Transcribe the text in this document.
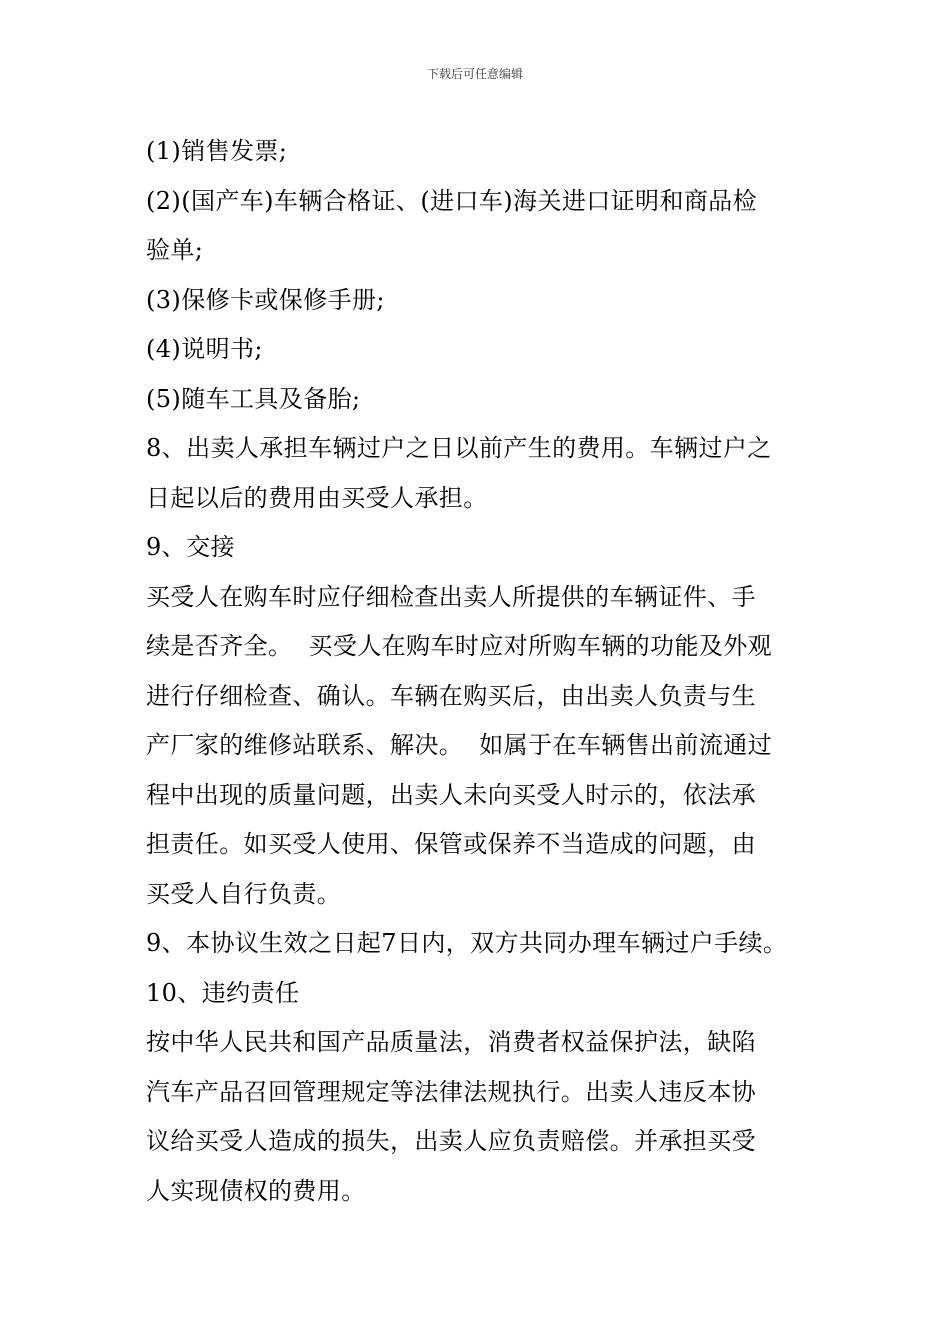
下载后可任意编辑
(1)销售发票;
(2)(国产车)车辆合格证、(进口车)海关进口证明和商品检
验单;
(3)保修卡或保修手册;
(4)说明书;
(5)随车工具及备胎;
8、出卖人承担车辆过户之日以前产生的费用。车辆过户之
日起以后的费用由买受人承担。
9、交接
买受人在购车时应仔细检查出卖人所提供的车辆证件、手
续是否齐全。  买受人在购车时应对所购车辆的功能及外观
进行仔细检查、确认。车辆在购买后，由出卖人负责与生
产厂家的维修站联系、解决。  如属于在车辆售出前流通过
程中出现的质量问题，出卖人未向买受人时示的，依法承
担责任。如买受人使用、保管或保养不当造成的问题，由
买受人自行负责。
9、本协议生效之日起7日内，双方共同办理车辆过户手续。
10、违约责任
按中华人民共和国产品质量法，消费者权益保护法，缺陷
汽车产品召回管理规定等法律法规执行。出卖人违反本协
议给买受人造成的损失，出卖人应负责赔偿。并承担买受
人实现债权的费用。
